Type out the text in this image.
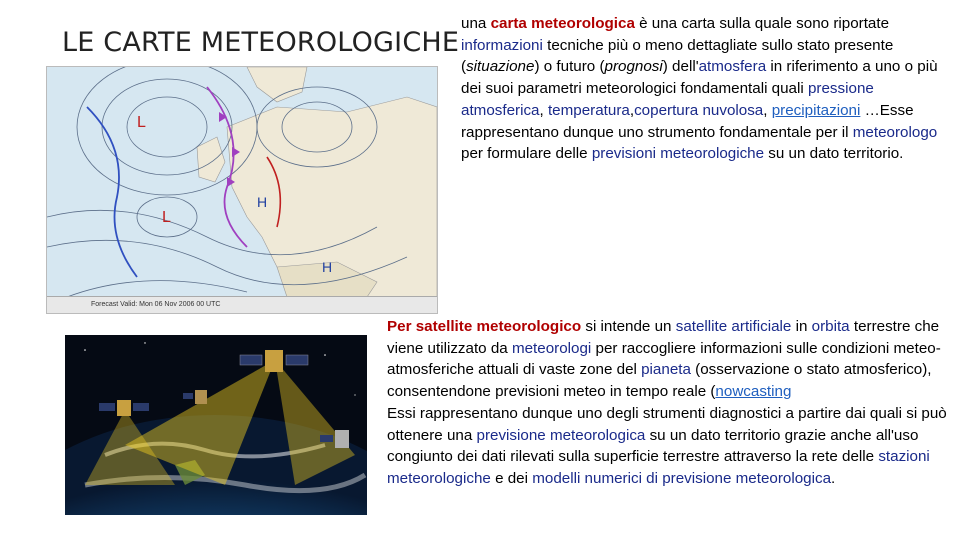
LE CARTE METEOROLOGICHE
L
L
H
H
Forecast Valid: Mon 06 Nov 2006 00 UTC
una carta meteorologica è una carta sulla quale sono riportate informazioni tecniche più o meno dettagliate sullo stato presente (situazione) o futuro (prognosi) dell'atmosfera in riferimento a uno o più dei suoi parametri meteorologici fondamentali quali pressione atmosferica, temperatura,copertura nuvolosa, precipitazioni …Esse rappresentano dunque uno strumento fondamentale per il meteorologo per formulare delle previsioni meteorologiche su un dato territorio.
Per satellite meteorologico si intende un satellite artificiale in orbita terrestre che viene utilizzato da meteorologi per raccogliere informazioni sulle condizioni meteo-atmosferiche attuali di vaste zone del pianeta (osservazione o stato atmosferico), consentendone previsioni meteo in tempo reale (nowcasting
Essi rappresentano dunque uno degli strumenti diagnostici a partire dai quali si può ottenere una previsione meteorologica su un dato territorio grazie anche all'uso congiunto dei dati rilevati sulla superficie terrestre attraverso la rete delle stazioni meteorologiche e dei modelli numerici di previsione meteorologica.
